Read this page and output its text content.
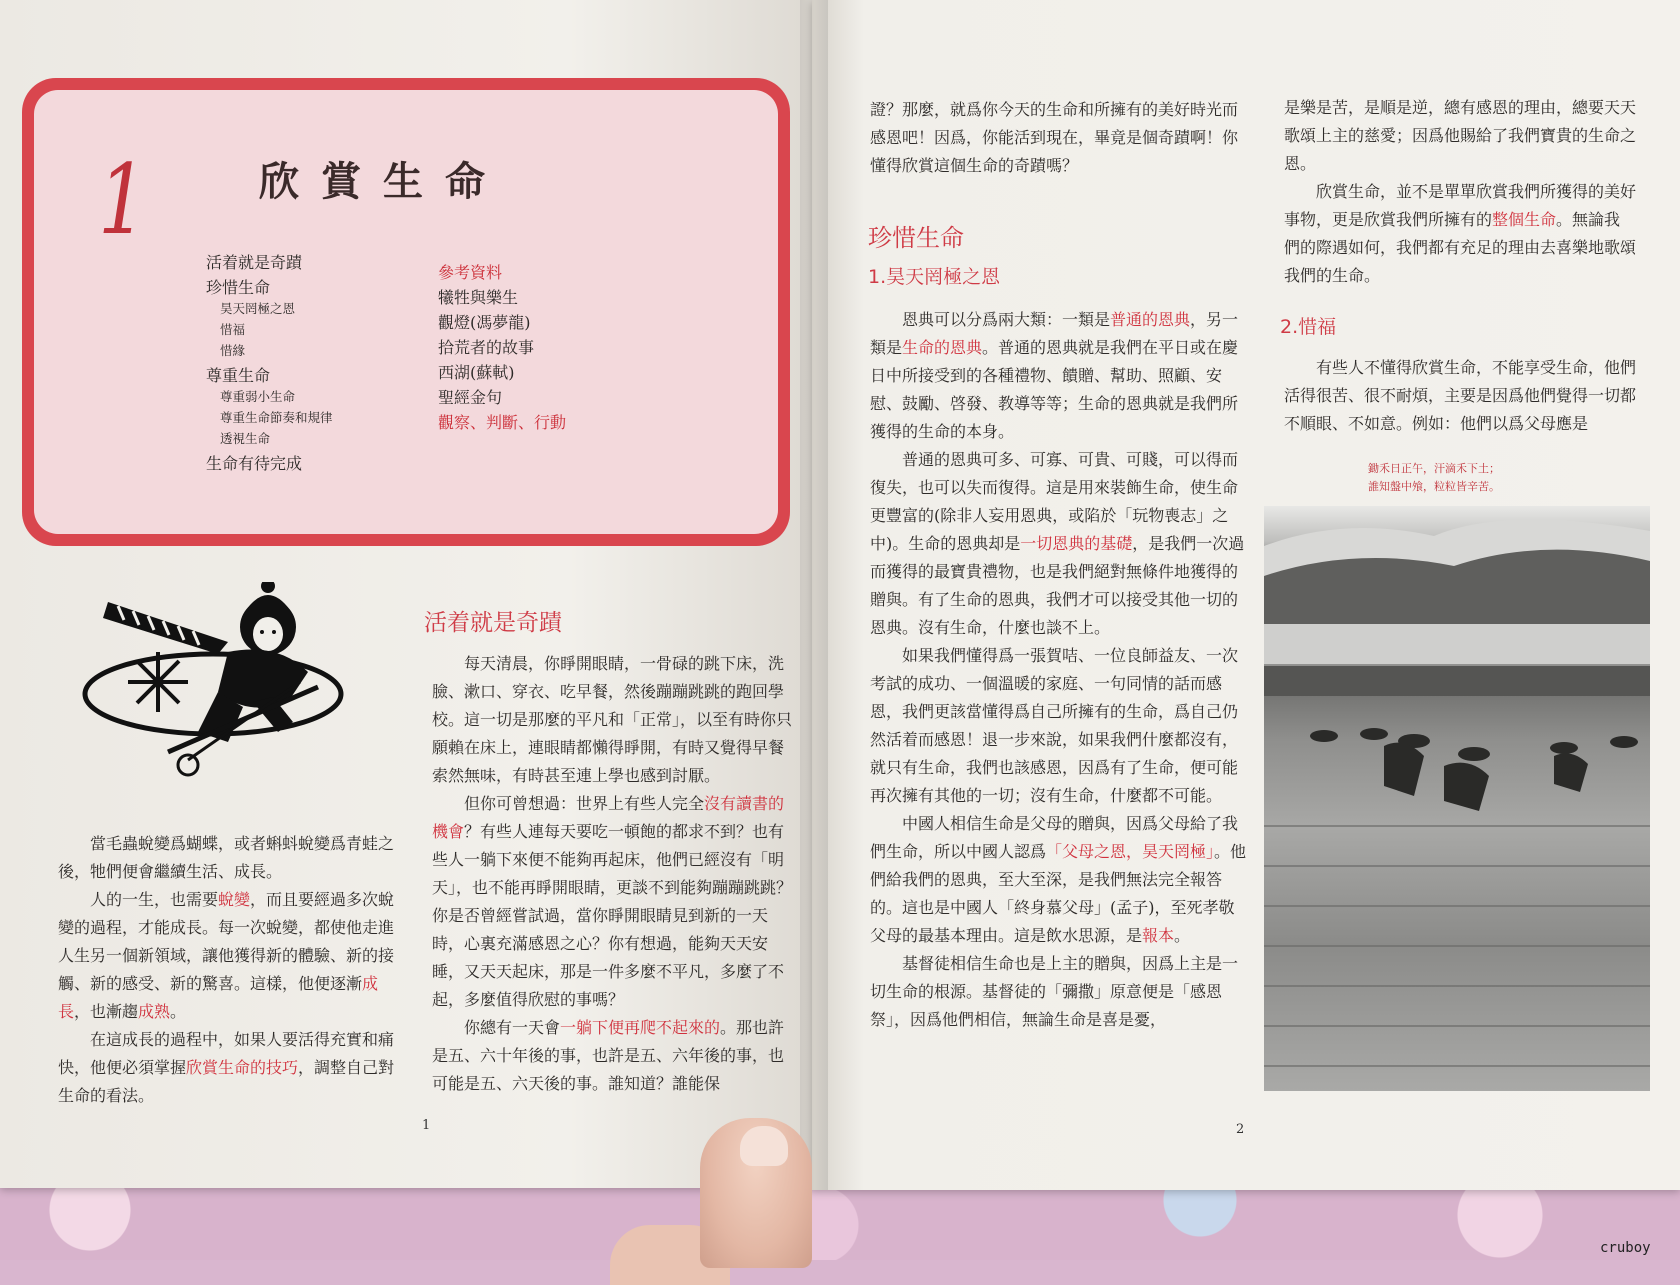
1	欣賞生命
活着就是奇蹟
珍惜生命
昊天罔極之恩
惜福
惜緣
尊重生命
尊重弱小生命
尊重生命節奏和規律
透視生命
生命有待完成
參考資料
犧牲與樂生
觀燈(馮夢龍)
拾荒者的故事
西湖(蘇軾)
聖經金句
觀察、判斷、行動

當毛蟲蛻變爲蝴蝶，或者蝌蚪蛻變爲青蛙之後，牠們便會繼續生活、成長。

人的一生，也需要蛻變，而且要經過多次蛻變的過程，才能成長。每一次蛻變，都使他走進人生另一個新領域，讓他獲得新的體驗、新的接觸、新的感受、新的驚喜。這樣，他便逐漸成長，也漸趨成熟。

在這成長的過程中，如果人要活得充實和痛快，他便必須掌握欣賞生命的技巧，調整自己對生命的看法。

活着就是奇蹟

每天清晨，你睜開眼睛，一骨碌的跳下床，洗臉、漱口、穿衣、吃早餐，然後蹦蹦跳跳的跑回學校。這一切是那麼的平凡和「正常」，以至有時你只願賴在床上，連眼睛都懶得睜開，有時又覺得早餐索然無味，有時甚至連上學也感到討厭。

但你可曾想過：世界上有些人完全沒有讀書的機會？有些人連每天要吃一頓飽的都求不到？也有些人一躺下來便不能夠再起床，他們已經沒有「明天」，也不能再睜開眼睛，更談不到能夠蹦蹦跳跳？你是否曾經嘗試過，當你睜開眼睛見到新的一天時，心裏充滿感恩之心？你有想過，能夠天天安睡，又天天起床，那是一件多麼不平凡，多麼了不起，多麼值得欣慰的事嗎？

你總有一天會一躺下便再爬不起來的。那也許是五、六十年後的事，也許是五、六年後的事，也可能是五、六天後的事。誰知道？誰能保

1

證？那麼，就爲你今天的生命和所擁有的美好時光而感恩吧！因爲，你能活到現在，畢竟是個奇蹟啊！你懂得欣賞這個生命的奇蹟嗎？

珍惜生命
1.昊天罔極之恩

恩典可以分爲兩大類：一類是普通的恩典，另一類是生命的恩典。普通的恩典就是我們在平日或在慶日中所接受到的各種禮物、饋贈、幫助、照顧、安慰、鼓勵、啓發、教導等等；生命的恩典就是我們所獲得的生命的本身。

普通的恩典可多、可寡、可貴、可賤，可以得而復失，也可以失而復得。這是用來裝飾生命，使生命更豐富的(除非人妄用恩典，或陷於「玩物喪志」之中)。生命的恩典却是一切恩典的基礎，是我們一次過而獲得的最寶貴禮物，也是我們絕對無條件地獲得的贈與。有了生命的恩典，我們才可以接受其他一切的恩典。沒有生命，什麼也談不上。

如果我們懂得爲一張賀咭、一位良師益友、一次考試的成功、一個溫暖的家庭、一句同情的話而感恩，我們更該當懂得爲自己所擁有的生命，爲自己仍然活着而感恩！退一步來說，如果我們什麼都沒有，就只有生命，我們也該感恩，因爲有了生命，便可能再次擁有其他的一切；沒有生命，什麼都不可能。

中國人相信生命是父母的贈與，因爲父母給了我們生命，所以中國人認爲「父母之恩，昊天罔極」。他們給我們的恩典，至大至深，是我們無法完全報答的。這也是中國人「終身慕父母」(孟子)，至死孝敬父母的最基本理由。這是飲水思源，是報本。

基督徒相信生命也是上主的贈與，因爲上主是一切生命的根源。基督徒的「彌撒」原意便是「感恩祭」，因爲他們相信，無論生命是喜是憂，

是樂是苦，是順是逆，總有感恩的理由，總要天天歌頌上主的慈愛；因爲他賜給了我們寶貴的生命之恩。

欣賞生命，並不是單單欣賞我們所獲得的美好事物，更是欣賞我們所擁有的整個生命。無論我們的際遇如何，我們都有充足的理由去喜樂地歌頌我們的生命。

2.惜福

有些人不懂得欣賞生命，不能享受生命，他們活得很苦、很不耐煩，主要是因爲他們覺得一切都不順眼、不如意。例如：他們以爲父母應是

2
鋤禾日正午，汗滴禾下土；
誰知盤中飧，粒粒皆辛苦。
cruboy
